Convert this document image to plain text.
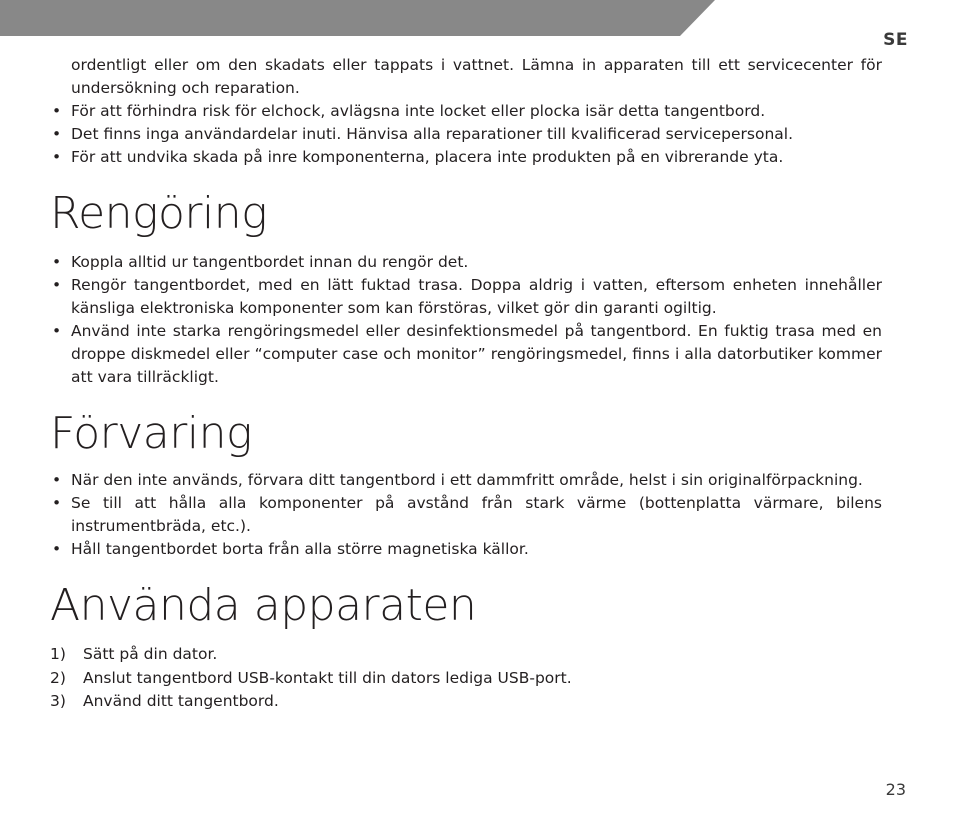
SE
ordentligt eller om den skadats eller tappats i vattnet. Lämna in apparaten till ett servicecenter för undersökning och reparation.
• För att förhindra risk för elchock, avlägsna inte locket eller plocka isär detta tangentbord.
• Det finns inga användardelar inuti. Hänvisa alla reparationer till kvalificerad servicepersonal.
• För att undvika skada på inre komponenterna, placera inte produkten på en vibrerande yta.
Rengöring
• Koppla alltid ur tangentbordet innan du rengör det.
• Rengör tangentbordet, med en lätt fuktad trasa. Doppa aldrig i vatten, eftersom enheten innehåller känsliga elektroniska komponenter som kan förstöras, vilket gör din garanti ogiltig.
• Använd inte starka rengöringsmedel eller desinfektionsmedel på tangentbord. En fuktig trasa med en droppe diskmedel eller “computer case och monitor” rengöringsmedel, finns i alla datorbutiker kommer att vara tillräckligt.
Förvaring
• När den inte används, förvara ditt tangentbord i ett dammfritt område, helst i sin originalförpackning.
• Se till att hålla alla komponenter på avstånd från stark värme (bottenplatta värmare, bilens instrumentbräda, etc.).
• Håll tangentbordet borta från alla större magnetiska källor.
Använda apparaten
1)	Sätt på din dator.
2)	Anslut tangentbord USB-kontakt till din dators lediga USB-port.
3)	Använd ditt tangentbord.
23
